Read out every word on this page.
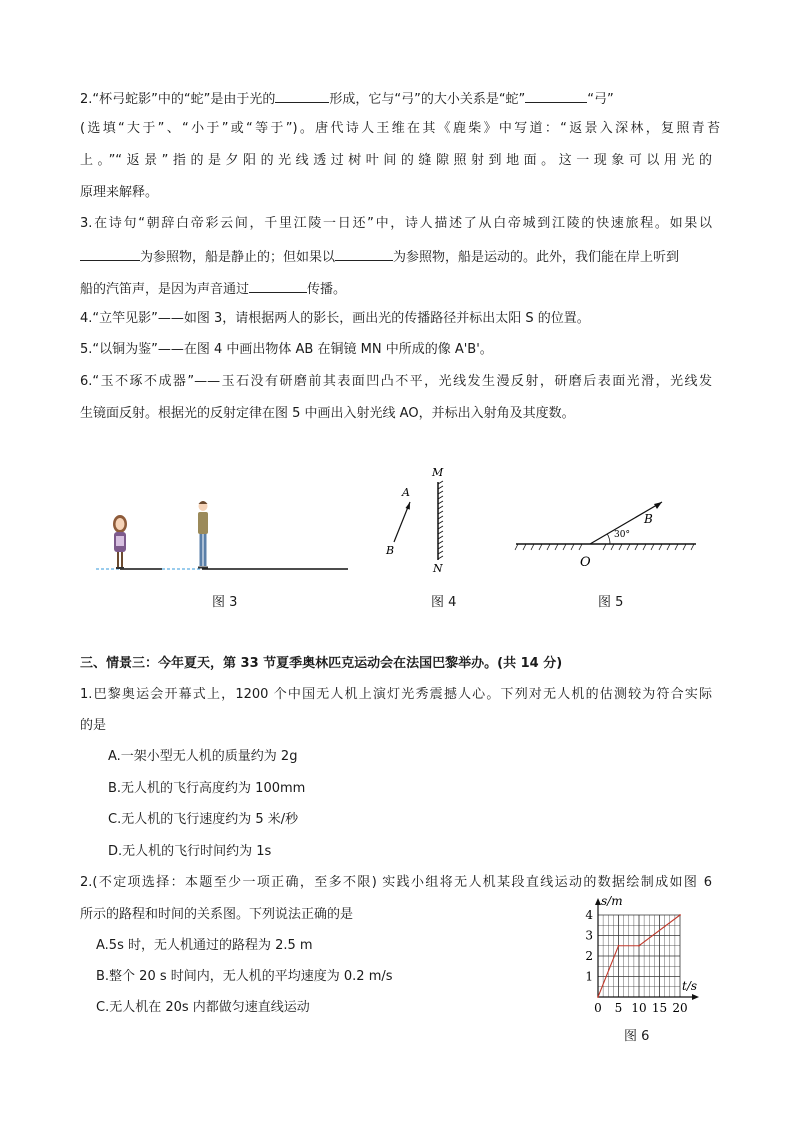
2.“杯弓蛇影”中的“蛇”是由于光的	形成，它与“弓”的大小关系是“蛇”	“弓”
(选填“大于”、“小于”或“等于”)。唐代诗人王维在其《鹿柴》中写道：“返景入深林，复照青苔
上。”“返景”指的是夕阳的光线透过树叶间的缝隙照射到地面。这一现象可以用光的
原理来解释。
3.在诗句“朝辞白帝彩云间，千里江陵一日还”中，诗人描述了从白帝城到江陵的快速旅程。如果以
为参照物，船是静止的；但如果以	为参照物，船是运动的。此外，我们能在岸上听到
船的汽笛声，是因为声音通过	传播。
4.“立竿见影”——如图 3，请根据两人的影长，画出光的传播路径并标出太阳 S 的位置。
5.“以铜为鉴”——在图 4 中画出物体 AB 在铜镜 MN 中所成的像 A'B'。
6.“玉不琢不成器”——玉石没有研磨前其表面凹凸不平，光线发生漫反射，研磨后表面光滑，光线发
生镜面反射。根据光的反射定律在图 5 中画出入射光线 AO，并标出入射角及其度数。
图 3
M
N
A
B
图 4
30°
B
O
图 5
三、情景三：今年夏天，第 33 节夏季奥林匹克运动会在法国巴黎举办。(共 14 分)
1.巴黎奥运会开幕式上，1200 个中国无人机上演灯光秀震撼人心。下列对无人机的估测较为符合实际
的是
A.一架小型无人机的质量约为 2g
B.无人机的飞行高度约为 100mm
C.无人机的飞行速度约为 5 米/秒
D.无人机的飞行时间约为 1s
2.(不定项选择：本题至少一项正确，至多不限) 实践小组将无人机某段直线运动的数据绘制成如图 6
所示的路程和时间的关系图。下列说法正确的是
A.5s 时，无人机通过的路程为 2.5 m
B.整个 20 s 时间内，无人机的平均速度为 0.2 m/s
C.无人机在 20s 内都做匀速直线运动	0 5 10 15 20
1
2
3
4
s/m
t/s
图 6
